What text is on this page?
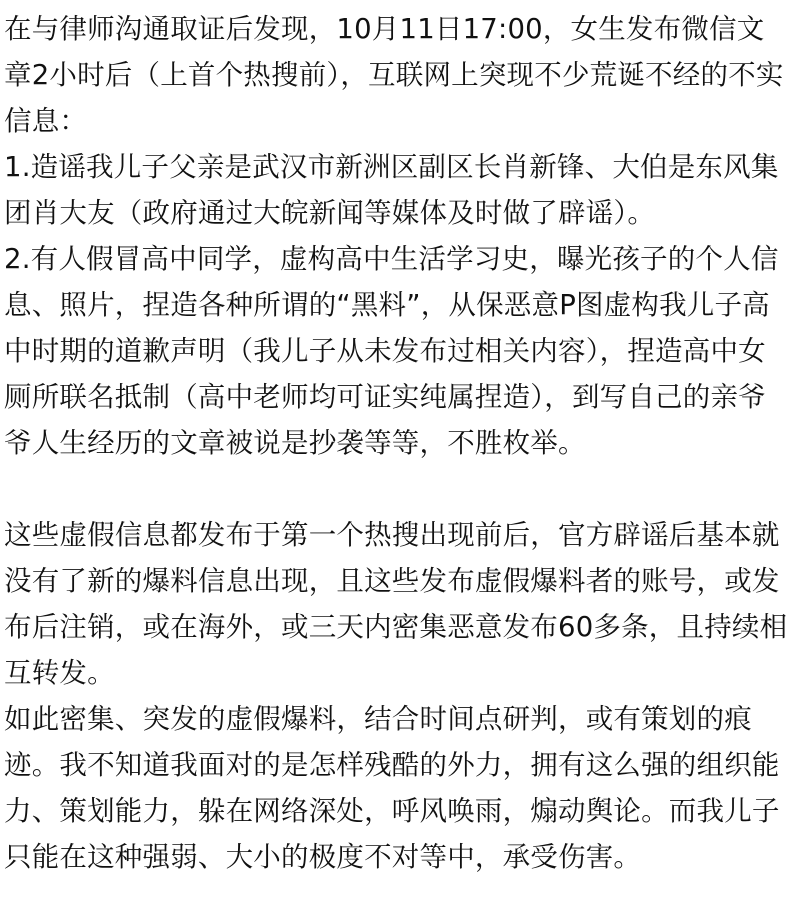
在与律师沟通取证后发现，10月11日17:00，女生发布微信文章2小时后（上首个热搜前），互联网上突现不少荒诞不经的不实信息：

1.造谣我儿子父亲是武汉市新洲区副区长肖新锋、大伯是东风集团肖大友（政府通过大皖新闻等媒体及时做了辟谣）。

2.有人假冒高中同学，虚构高中生活学习史，曝光孩子的个人信息、照片，捏造各种所谓的“黑料”，从保恶意P图虚构我儿子高中时期的道歉声明（我儿子从未发布过相关内容），捏造高中女厕所联名抵制（高中老师均可证实纯属捏造），到写自己的亲爷爷人生经历的文章被说是抄袭等等，不胜枚举。

这些虚假信息都发布于第一个热搜出现前后，官方辟谣后基本就没有了新的爆料信息出现，且这些发布虚假爆料者的账号，或发布后注销，或在海外，或三天内密集恶意发布60多条，且持续相互转发。

如此密集、突发的虚假爆料，结合时间点研判，或有策划的痕迹。我不知道我面对的是怎样残酷的外力，拥有这么强的组织能力、策划能力，躲在网络深处，呼风唤雨，煽动舆论。而我儿子只能在这种强弱、大小的极度不对等中，承受伤害。
